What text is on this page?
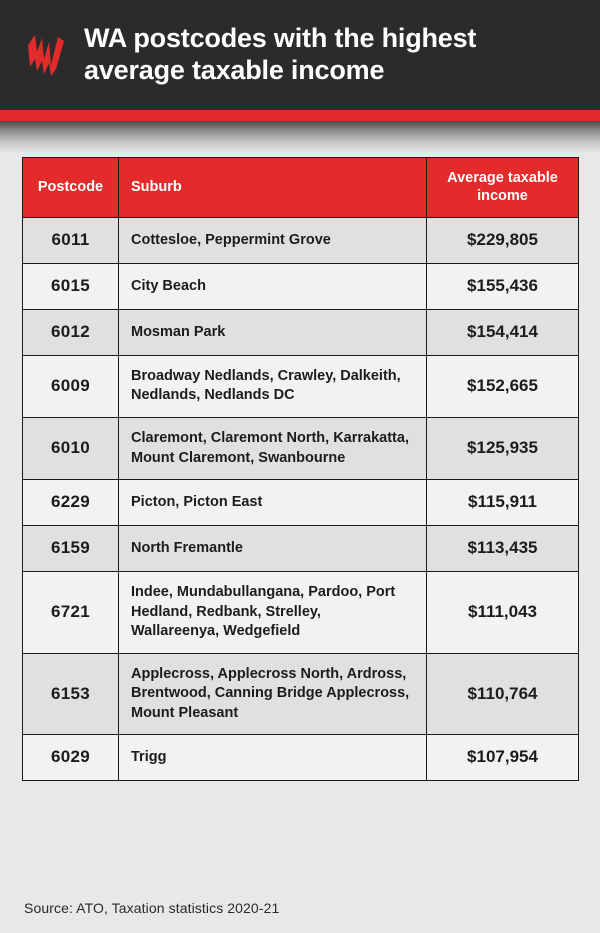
WA postcodes with the highest average taxable income
Postcode	Suburb	Average taxable income
6011	Cottesloe, Peppermint Grove	$229,805
6015	City Beach	$155,436
6012	Mosman Park	$154,414
6009	Broadway Nedlands, Crawley, Dalkeith, Nedlands, Nedlands DC	$152,665
6010	Claremont, Claremont North, Karrakatta, Mount Claremont, Swanbourne	$125,935
6229	Picton, Picton East	$115,911
6159	North Fremantle	$113,435
6721	Indee, Mundabullangana, Pardoo, Port Hedland, Redbank, Strelley, Wallareenya, Wedgefield	$111,043
6153	Applecross, Applecross North, Ardross, Brentwood, Canning Bridge Applecross, Mount Pleasant	$110,764
6029	Trigg	$107,954
Source: ATO, Taxation statistics 2020-21
